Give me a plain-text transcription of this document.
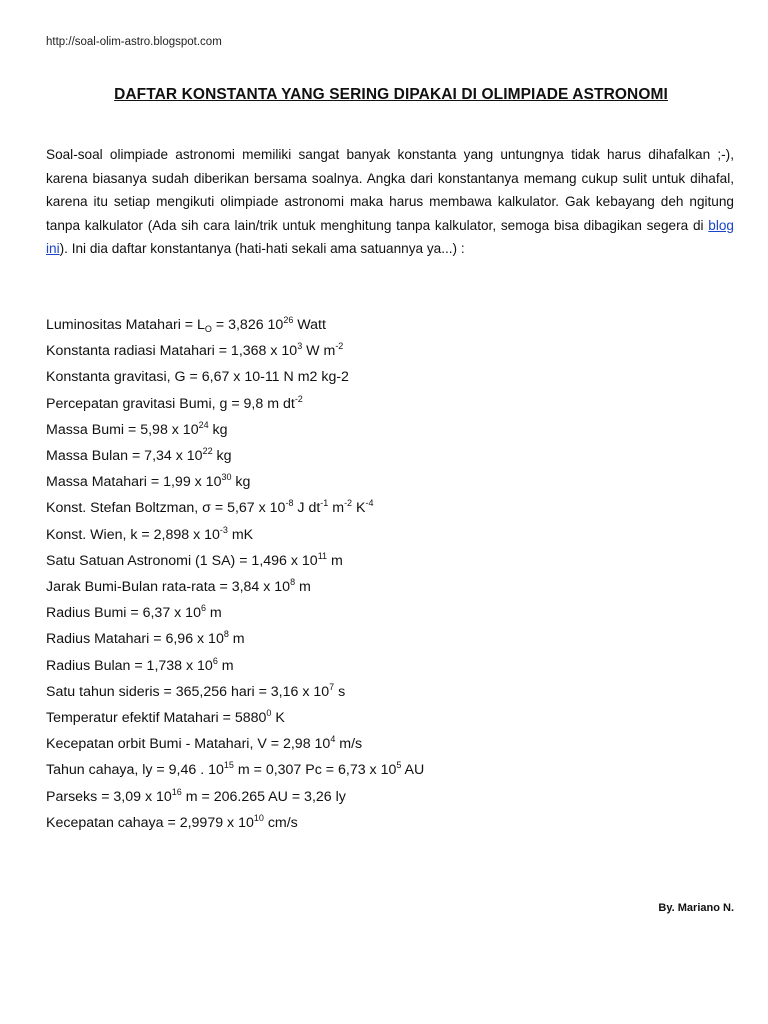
http://soal-olim-astro.blogspot.com
DAFTAR KONSTANTA YANG SERING DIPAKAI DI OLIMPIADE ASTRONOMI

Soal-soal olimpiade astronomi memiliki sangat banyak konstanta yang untungnya tidak harus dihafalkan ;-), karena biasanya sudah diberikan bersama soalnya. Angka dari konstantanya memang cukup sulit untuk dihafal, karena itu setiap mengikuti olimpiade astronomi maka harus membawa kalkulator. Gak kebayang deh ngitung tanpa kalkulator (Ada sih cara lain/trik untuk menghitung tanpa kalkulator, semoga bisa dibagikan segera di blog ini). Ini dia daftar konstantanya (hati-hati sekali ama satuannya ya...) :

Luminositas Matahari = $L_O = 3,826$ $10^{26}$ Watt
Konstanta radiasi Matahari = 1,368 x $10^3$ W $m^{-2}$
Konstanta gravitasi, G = 6,67 x 10-11 N m2 kg-2
Percepatan gravitasi Bumi, g = 9,8 m $dt^{-2}$
Massa Bumi = 5,98 x $10^{24}$ kg
Massa Bulan = 7,34 x $10^{22}$ kg
Massa Matahari = 1,99 x $10^{30}$ kg
Konst. Stefan Boltzman, σ = 5,67 x $10^{-8}$ J $dt^{-1}$ $m^{-2}$ $K^{-4}$
Konst. Wien, k = 2,898 x $10^{-3}$ mK
Satu Satuan Astronomi (1 SA) = 1,496 x $10^{11}$ m
Jarak Bumi-Bulan rata-rata = 3,84 x $10^8$ m
Radius Bumi = 6,37 x $10^6$ m
Radius Matahari = 6,96 x $10^8$ m
Radius Bulan = 1,738 x $10^6$ m
Satu tahun sideris = 365,256 hari = 3,16 x $10^7$ s
Temperatur efektif Matahari = $5880^0$ K
Kecepatan orbit Bumi - Matahari, V = 2,98 $10^4$ m/s
Tahun cahaya, ly = 9,46 . $10^{15}$ m = 0,307 Pc = 6,73 x $10^5$ AU
Parseks = 3,09 x $10^{16}$ m = 206.265 AU = 3,26 ly
Kecepatan cahaya = 2,9979 x $10^{10}$ cm/s
By. Mariano N.
